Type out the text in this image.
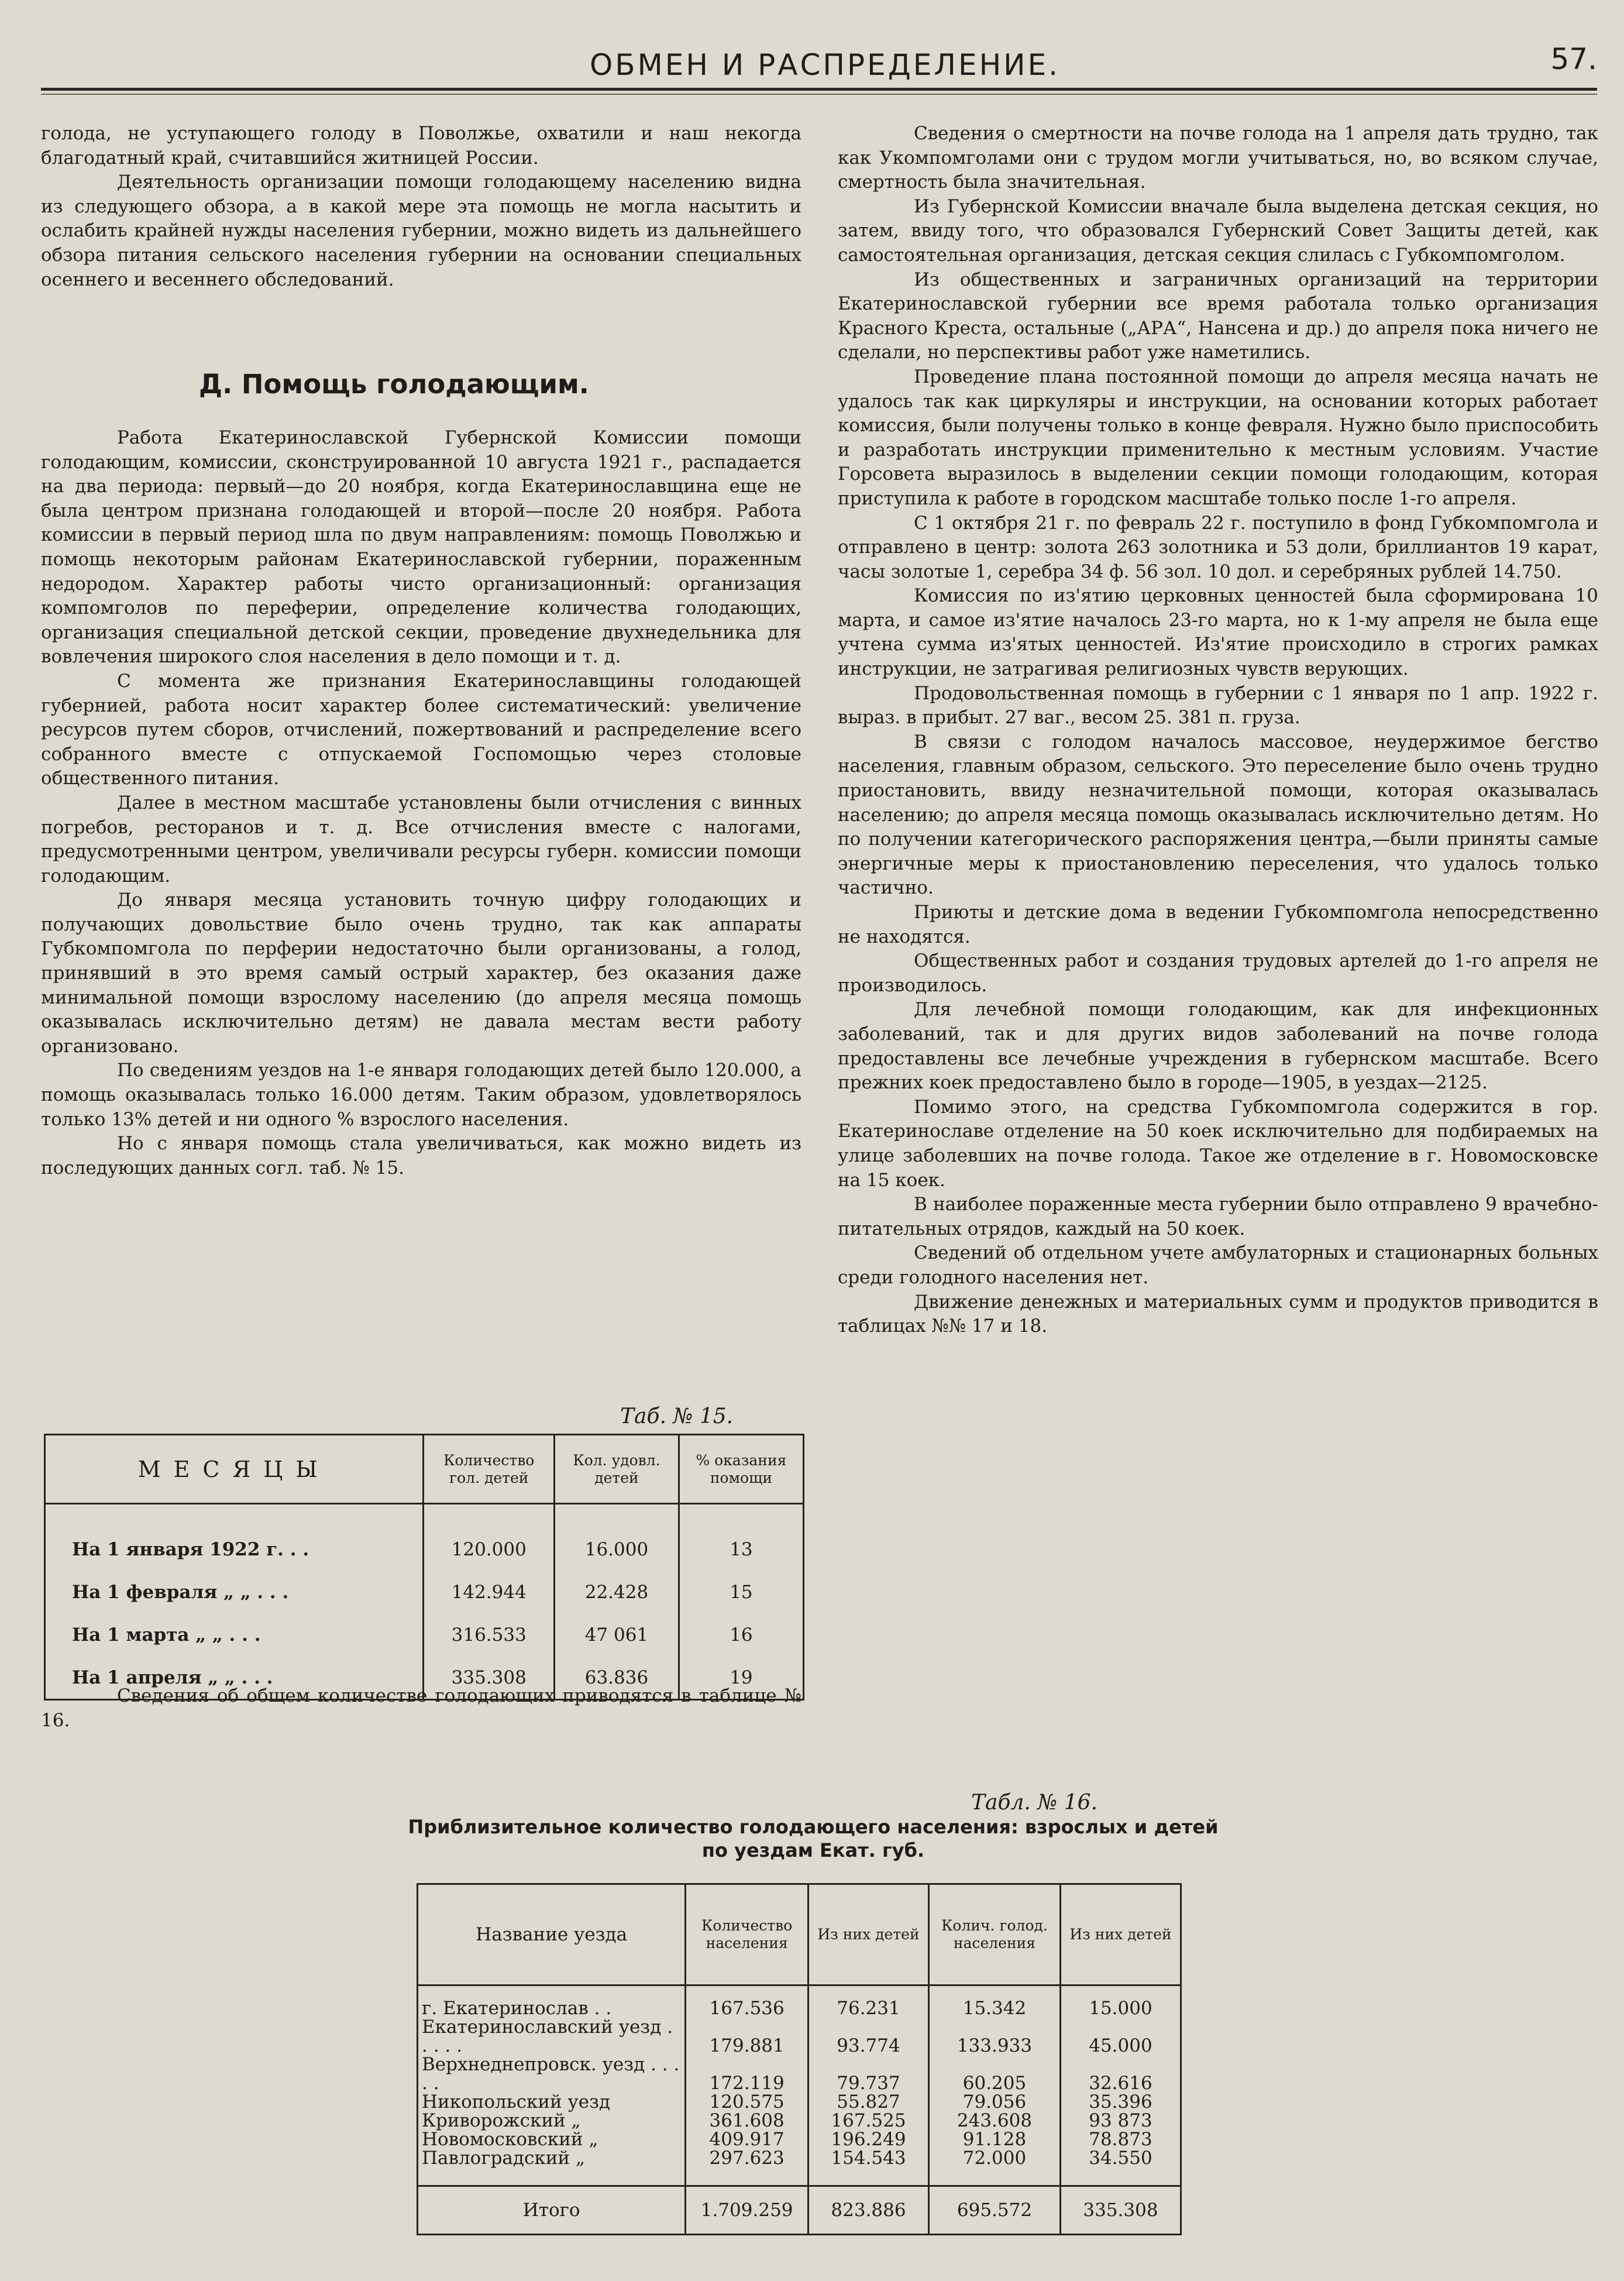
ОБМЕН И РАСПРЕДЕЛЕНИЕ.	57.

голода, не уступающего голоду в Поволжье, охватили и наш некогда благодатный край, считавшийся житницей России.

Деятельность организации помощи голодающему населению видна из следующего обзора, а в какой мере эта помощь не могла насытить и ослабить крайней нужды населения губернии, можно видеть из дальнейшего обзора питания сельского населения губернии на основании специальных осеннего и весеннего обследований.

Д. Помощь голодающим.

Работа Екатеринославской Губернской Комиссии помощи голодающим, комиссии, сконструированной 10 августа 1921 г., распадается на два периода: первый—до 20 ноября, когда Екатеринославщина еще не была центром признана голодающей и второй—после 20 ноября. Работа комиссии в первый период шла по двум направлениям: помощь Поволжью и помощь некоторым районам Екатеринославской губернии, пораженным недородом. Характер работы чисто организационный: организация компомголов по переферии, определение количества голодающих, организация специальной детской секции, проведение двухнедельника для вовлечения широкого слоя населения в дело помощи и т. д.

С момента же признания Екатеринославщины голодающей губернией, работа носит характер более систематический: увеличение ресурсов путем сборов, отчислений, пожертвований и распределение всего собранного вместе с отпускаемой Госпомощью через столовые общественного питания.

Далее в местном масштабе установлены были отчисления с винных погребов, ресторанов и т. д. Все отчисления вместе с налогами, предусмотренными центром, увеличивали ресурсы губерн. комиссии помощи голодающим.

До января месяца установить точную цифру голодающих и получающих довольствие было очень трудно, так как аппараты Губкомпомгола по перферии недостаточно были организованы, а голод, принявший в это время самый острый характер, без оказания даже минимальной помощи взрослому населению (до апреля месяца помощь оказывалась исключительно детям) не давала местам вести работу организовано.

По сведениям уездов на 1-е января голодающих детей было 120.000, а помощь оказывалась только 16.000 детям. Таким образом, удовлетворялось только 13% детей и ни одного % взрослого населения.

Но с января помощь стала увеличиваться, как можно видеть из последующих данных согл. таб. № 15.

Таб. № 15.
МЕСЯЦЫ	Количество гол. детей	Кол. удовл. детей	% оказания помощи
На 1 января 1922 г. . .	120.000	16.000	13
На 1 февраля „ „ . . .	142.944	22.428	15
На 1 марта „ „ . . .	316.533	47 061	16
На 1 апреля „ „ . . .	335.308	63.836	19

Сведения об общем количестве голодающих приводятся в таблице № 16.

Сведения о смертности на почве голода на 1 апреля дать трудно, так как Укомпомголами они с трудом могли учитываться, но, во всяком случае, смертность была значительная.

Из Губернской Комиссии вначале была выделена детская секция, но затем, ввиду того, что образовался Губернский Совет Защиты детей, как самостоятельная организация, детская секция слилась с Губкомпомголом.

Из общественных и заграничных организаций на территории Екатеринославской губернии все время работала только организация Красного Креста, остальные („АРА“, Нансена и др.) до апреля пока ничего не сделали, но перспективы работ уже наметились.

Проведение плана постоянной помощи до апреля месяца начать не удалось так как циркуляры и инструкции, на основании которых работает комиссия, были получены только в конце февраля. Нужно было приспособить и разработать инструкции применительно к местным условиям. Участие Горсовета выразилось в выделении секции помощи голодающим, которая приступила к работе в городском масштабе только после 1-го апреля.

С 1 октября 21 г. по февраль 22 г. поступило в фонд Губкомпомгола и отправлено в центр: золота 263 золотника и 53 доли, бриллиантов 19 карат, часы золотые 1, серебра 34 ф. 56 зол. 10 дол. и серебряных рублей 14.750.

Комиссия по из'ятию церковных ценностей была сформирована 10 марта, и самое из'ятие началось 23-го марта, но к 1-му апреля не была еще учтена сумма из'ятых ценностей. Из'ятие происходило в строгих рамках инструкции, не затрагивая религиозных чувств верующих.

Продовольственная помощь в губернии с 1 января по 1 апр. 1922 г. выраз. в прибыт. 27 ваг., весом 25. 381 п. груза.

В связи с голодом началось массовое, неудержимое бегство населения, главным образом, сельского. Это переселение было очень трудно приостановить, ввиду незначительной помощи, которая оказывалась населению; до апреля месяца помощь оказывалась исключительно детям. Но по получении категорического распоряжения центра,—были приняты самые энергичные меры к приостановлению переселения, что удалось только частично.

Приюты и детские дома в ведении Губкомпомгола непосредственно не находятся.

Общественных работ и создания трудовых артелей до 1-го апреля не производилось.

Для лечебной помощи голодающим, как для инфекционных заболеваний, так и для других видов заболеваний на почве голода предоставлены все лечебные учреждения в губернском масштабе. Всего прежних коек предоставлено было в городе—1905, в уездах—2125.

Помимо этого, на средства Губкомпомгола содержится в гор. Екатеринославе отделение на 50 коек исключительно для подбираемых на улице заболевших на почве голода. Такое же отделение в г. Новомосковске на 15 коек.

В наиболее пораженные места губернии было отправлено 9 врачебно-питательных отрядов, каждый на 50 коек.

Сведений об отдельном учете амбулаторных и стационарных больных среди голодного населения нет.

Движение денежных и материальных сумм и продуктов приводится в таблицах №№ 17 и 18.

Табл. № 16.
Приблизительное количество голодающего населения: взрослых и детей по уездам Екат. губ.
Название уезда	Количество населения	Из них детей	Колич. голод. населения	Из них детей
г. Екатеринослав . .	167.536	76.231	15.342	15.000
Екатеринославский уезд . . . . .	179.881	93.774	133.933	45.000
Верхнеднепровск. уезд . . . . .	172.119	79.737	60.205	32.616
Никопольский уезд	120.575	55.827	79.056	35.396
Криворожский „	361.608	167.525	243.608	93 873
Новомосковский „	409.917	196.249	91.128	78.873
Павлоградский „	297.623	154.543	72.000	34.550
Итого	1.709.259	823.886	695.572	335.308
